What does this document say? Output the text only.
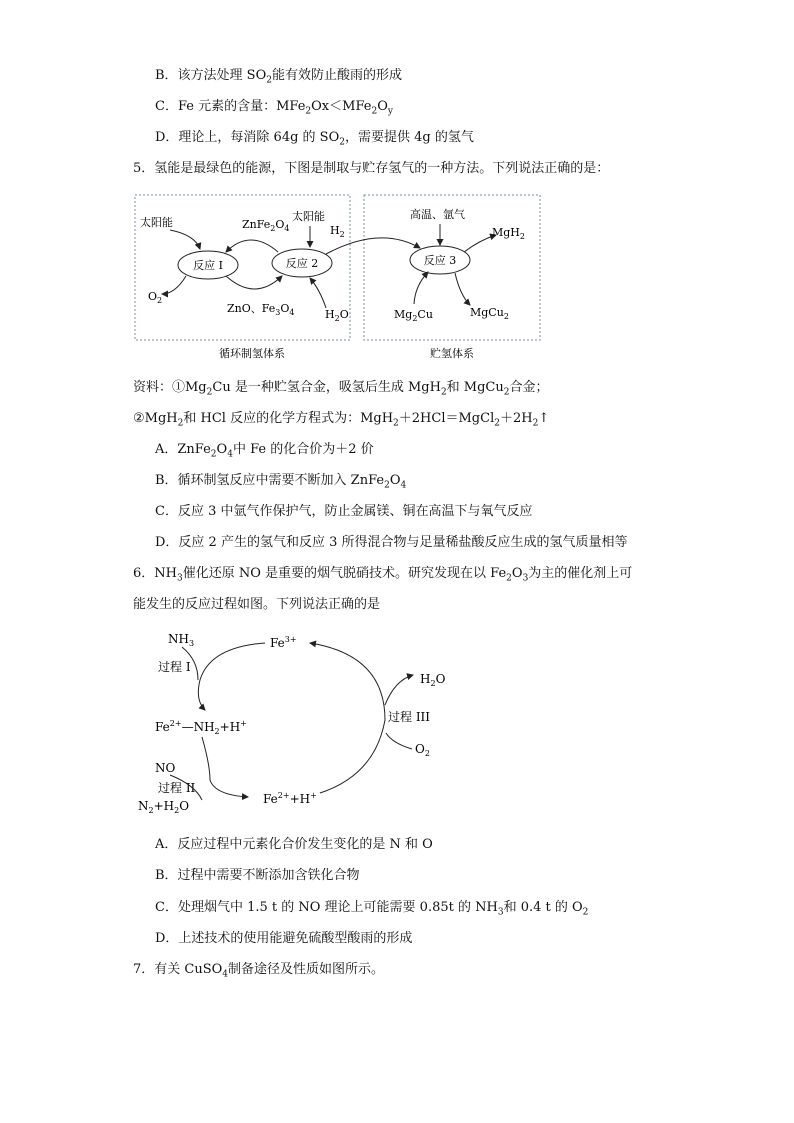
B．该方法处理 $SO_2$能有效防止酸雨的形成
C．Fe 元素的含量：$MFe_2Ox<MFe_2O_y$
D．理论上，每消除 64g 的 $SO_2$，需要提供 4g 的氢气
5．氢能是最绿色的能源，下图是制取与贮存氢气的一种方法。下列说法正确的是：
反应 I	反应 2	反应 3
太阳能	$ZnFe_2O_4$
太阳能
$H_2$
$O_2$
ZnO、$Fe_3O_4$	$H_2O$
高温、氩气
MgH$_2$
$Mg_2Cu$	MgCu$_2$
循环制氢体系	贮氢体系
资料：$①Mg_2Cu$ 是一种贮氢合金，吸氢后生成 MgH$_2$和 MgCu$_2$合金；
②MgH$_2$和 HCl 反应的化学方程式为：$MgH_2+2HCl=MgCl_2+2H_2↑$
A．$ZnFe_2O_4$中 Fe 的化合价为＋2 价
B．循环制氢反应中需要不断加入 $ZnFe_2O_4$
C．反应 3 中氩气作保护气，防止金属镁、铜在高温下与氧气反应
D．反应 2 产生的氢气和反应 3 所得混合物与足量稀盐酸反应生成的氢气质量相等
6．$NH_3$催化还原 NO 是重要的烟气脱硝技术。研究发现在以 $Fe_2O_3$为主的催化剂上可
能发生的反应过程如图。下列说法正确的是
$NH_3$
过程 I
$Fe^{3+}$
$Fe^{2+}—NH_2+H^+$
NO
过程 II
$N_2+H_2O$	$Fe^{2+}+H^+$
$H_2O$
过程 III
$O_2$
A．反应过程中元素化合价发生变化的是 N 和 O
B．过程中需要不断添加含铁化合物
C．处理烟气中 1.5 t 的 NO 理论上可能需要 0.85t 的 $NH_3$和 0.4 t 的 $O_2$
D．上述技术的使用能避免硫酸型酸雨的形成
7．有关 CuSO$_4$制备途径及性质如图所示。
